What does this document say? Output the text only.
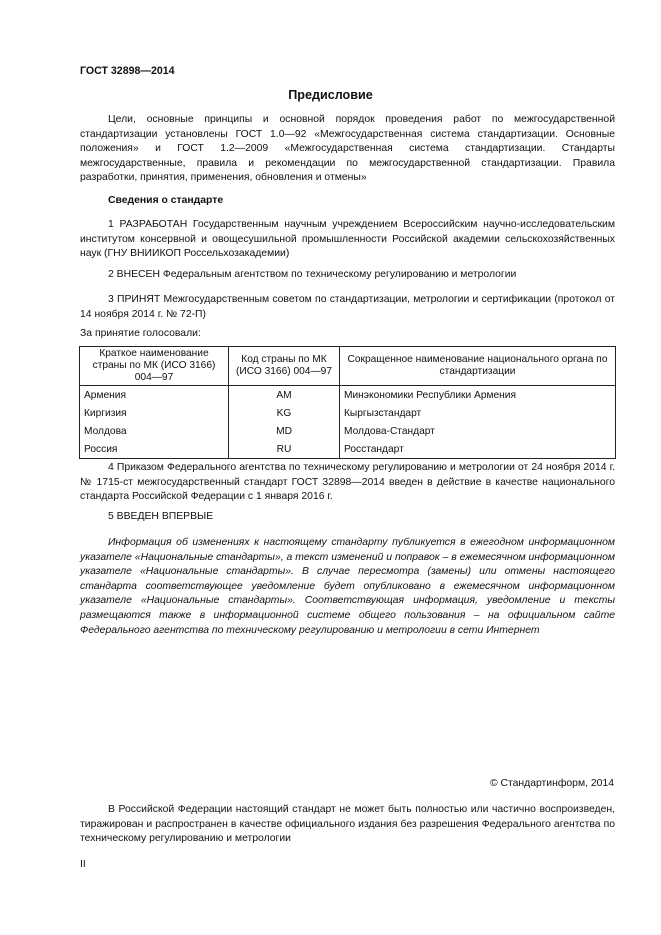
ГОСТ 32898—2014
Предисловие
Цели, основные принципы и основной порядок проведения работ по межгосударственной стандартизации установлены ГОСТ 1.0—92 «Межгосударственная система стандартизации. Основные положения» и ГОСТ 1.2—2009 «Межгосударственная система стандартизации. Стандарты межгосударственные, правила и рекомендации по межгосударственной стандартизации. Правила разработки, принятия, применения, обновления и отмены»
Сведения о стандарте
1 РАЗРАБОТАН Государственным научным учреждением Всероссийским научно-исследовательским институтом консервной и овощесушильной промышленности Российской академии сельскохозяйственных наук (ГНУ ВНИИКОП Россельхозакадемии)
2 ВНЕСЕН Федеральным агентством по техническому регулированию и метрологии
3 ПРИНЯТ Межгосударственным советом по стандартизации, метрологии и сертификации (протокол от 14 ноября 2014 г. № 72-П)
За принятие голосовали:
Краткое наименование страны по МК (ИСО 3166) 004—97	Код страны по МК (ИСО 3166) 004—97	Сокращенное наименование национального органа по стандартизации
Армения	AM	Минэкономики Республики Армения
Киргизия	KG	Кыргызстандарт
Молдова	MD	Молдова-Стандарт
Россия	RU	Росстандарт
4 Приказом Федерального агентства по техническому регулированию и метрологии от 24 ноября 2014 г. № 1715-ст межгосударственный стандарт ГОСТ 32898—2014 введен в действие в качестве национального стандарта Российской Федерации с 1 января 2016 г.
5 ВВЕДЕН ВПЕРВЫЕ
Информация об изменениях к настоящему стандарту публикуется в ежегодном информационном указателе «Национальные стандарты», а текст изменений и поправок – в ежемесячном информационном указателе «Национальные стандарты». В случае пересмотра (замены) или отмены настоящего стандарта соответствующее уведомление будет опубликовано в ежемесячном информационном указателе «Национальные стандарты». Соответствующая информация, уведомление и тексты размещаются также в информационной системе общего пользования – на официальном сайте Федерального агентства по техническому регулированию и метрологии в сети Интернет
© Стандартинформ, 2014
В Российской Федерации настоящий стандарт не может быть полностью или частично воспроизведен, тиражирован и распространен в качестве официального издания без разрешения Федерального агентства по техническому регулированию и метрологии
II
